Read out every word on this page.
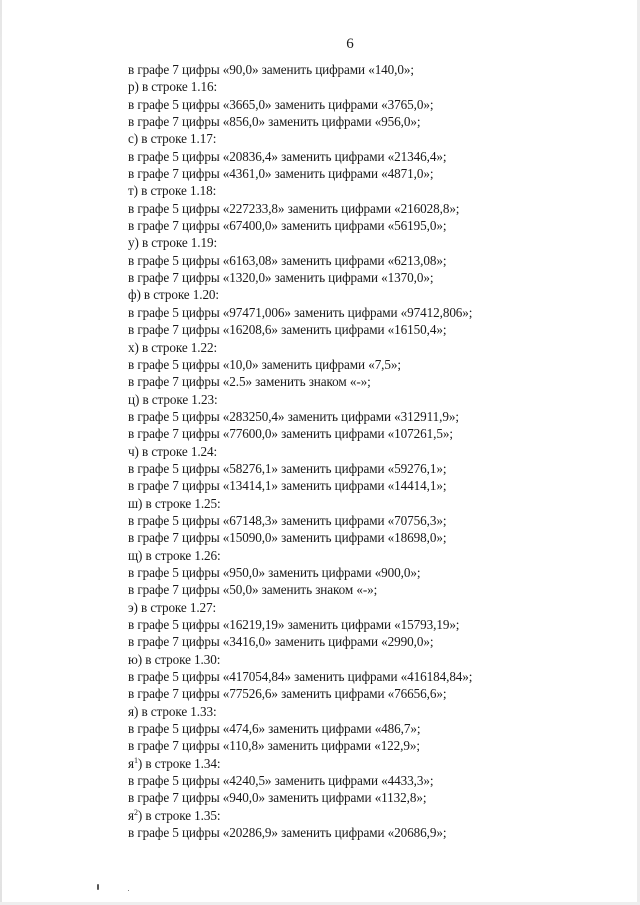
6
в графе 7 цифры «90,0» заменить цифрами «140,0»;
р) в строке 1.16:
в графе 5 цифры «3665,0» заменить цифрами «3765,0»;
в графе 7 цифры «856,0» заменить цифрами «956,0»;
с) в строке 1.17:
в графе 5 цифры «20836,4» заменить цифрами «21346,4»;
в графе 7 цифры «4361,0» заменить цифрами «4871,0»;
т) в строке 1.18:
в графе 5 цифры «227233,8» заменить цифрами «216028,8»;
в графе 7 цифры «67400,0» заменить цифрами «56195,0»;
у) в строке 1.19:
в графе 5 цифры «6163,08» заменить цифрами «6213,08»;
в графе 7 цифры «1320,0» заменить цифрами «1370,0»;
ф) в строке 1.20:
в графе 5 цифры «97471,006» заменить цифрами «97412,806»;
в графе 7 цифры «16208,6» заменить цифрами «16150,4»;
х) в строке 1.22:
в графе 5 цифры «10,0» заменить цифрами «7,5»;
в графе 7 цифры «2.5» заменить знаком «-»;
ц) в строке 1.23:
в графе 5 цифры «283250,4» заменить цифрами «312911,9»;
в графе 7 цифры «77600,0» заменить цифрами «107261,5»;
ч) в строке 1.24:
в графе 5 цифры «58276,1» заменить цифрами «59276,1»;
в графе 7 цифры «13414,1» заменить цифрами «14414,1»;
ш) в строке 1.25:
в графе 5 цифры «67148,3» заменить цифрами «70756,3»;
в графе 7 цифры «15090,0» заменить цифрами «18698,0»;
щ) в строке 1.26:
в графе 5 цифры «950,0» заменить цифрами «900,0»;
в графе 7 цифры «50,0» заменить знаком «-»;
э) в строке 1.27:
в графе 5 цифры «16219,19» заменить цифрами «15793,19»;
в графе 7 цифры «3416,0» заменить цифрами «2990,0»;
ю) в строке 1.30:
в графе 5 цифры «417054,84» заменить цифрами «416184,84»;
в графе 7 цифры «77526,6» заменить цифрами «76656,6»;
я) в строке 1.33:
в графе 5 цифры «474,6» заменить цифрами «486,7»;
в графе 7 цифры «110,8» заменить цифрами «122,9»;
$я^1$) в строке 1.34:
в графе 5 цифры «4240,5» заменить цифрами «4433,3»;
в графе 7 цифры «940,0» заменить цифрами «1132,8»;
$я^2$) в строке 1.35:
в графе 5 цифры «20286,9» заменить цифрами «20686,9»;
